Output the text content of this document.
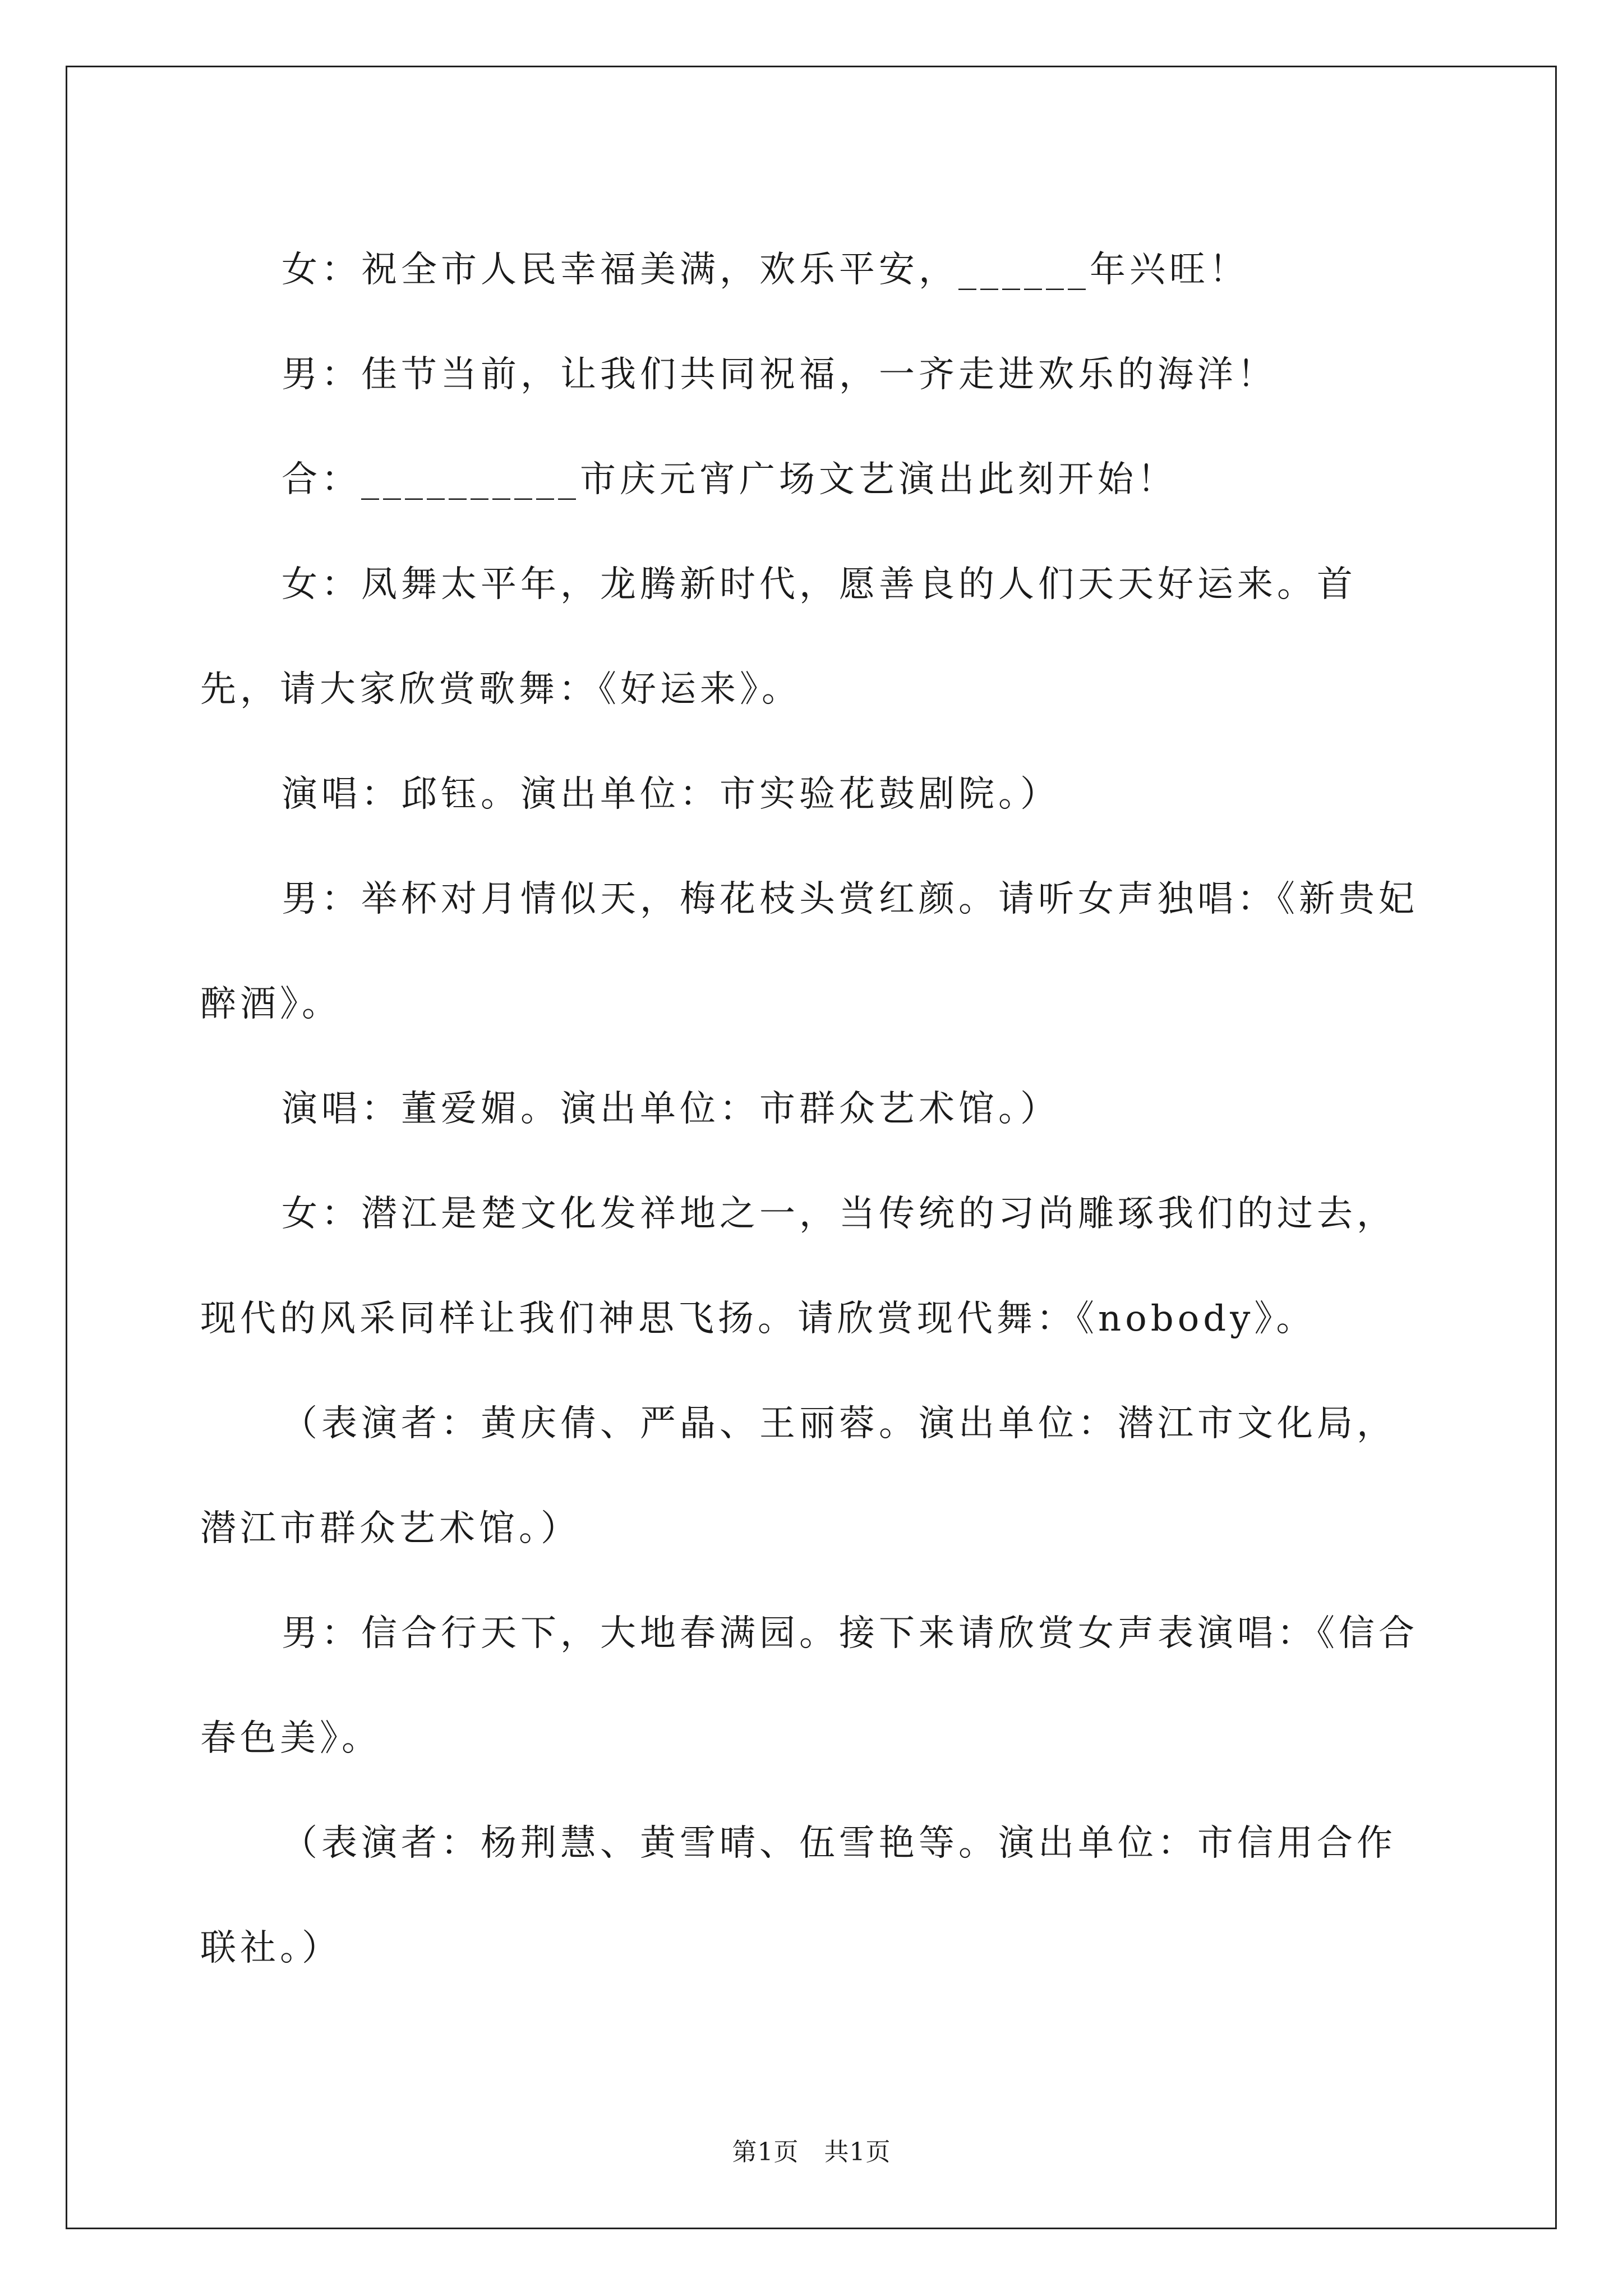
女：祝全市人民幸福美满，欢乐平安，______年兴旺！

男：佳节当前，让我们共同祝福，一齐走进欢乐的海洋！

合：__________市庆元宵广场文艺演出此刻开始！

女：凤舞太平年，龙腾新时代，愿善良的人们天天好运来。首先，请大家欣赏歌舞：《好运来》。

演唱：邱钰。演出单位：市实验花鼓剧院。）

男：举杯对月情似天，梅花枝头赏红颜。请听女声独唱：《新贵妃醉酒》。

演唱：董爱媚。演出单位：市群众艺术馆。）

女：潜江是楚文化发祥地之一，当传统的习尚雕琢我们的过去，现代的风采同样让我们神思飞扬。请欣赏现代舞：《nobody》。

（表演者：黄庆倩、严晶、王丽蓉。演出单位：潜江市文化局，潜江市群众艺术馆。）

男：信合行天下，大地春满园。接下来请欣赏女声表演唱：《信合春色美》。

（表演者：杨荆慧、黄雪晴、伍雪艳等。演出单位：市信用合作联社。）

第1页　共1页
